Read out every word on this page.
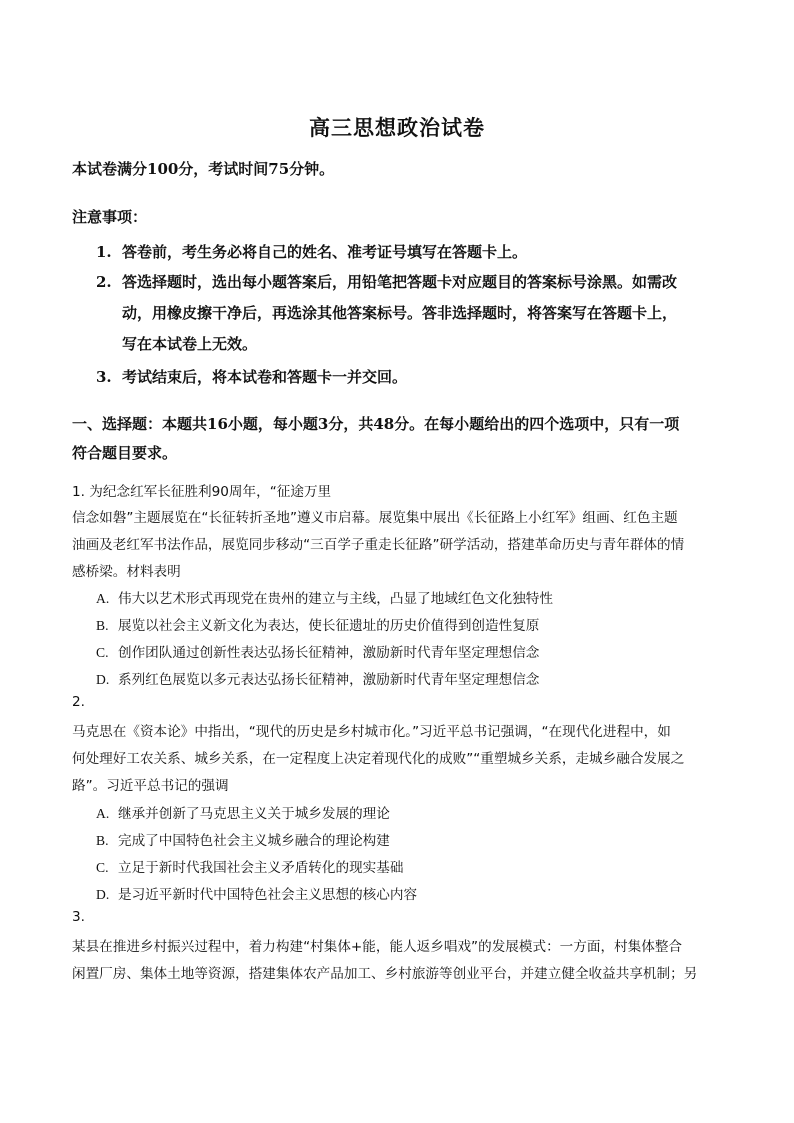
高三思想政治试卷
本试卷满分100分，考试时间75分钟。
注意事项：
1. 答卷前，考生务必将自己的姓名、准考证号填写在答题卡上。
2. 答选择题时，选出每小题答案后，用铅笔把答题卡对应题目的答案标号涂黑。如需改
动，用橡皮擦干净后，再选涂其他答案标号。答非选择题时，将答案写在答题卡上，
写在本试卷上无效。
3. 考试结束后，将本试卷和答题卡一并交回。
一、选择题：本题共16小题，每小题3分，共48分。在每小题给出的四个选项中，只有一项
符合题目要求。
1. 为纪念红军长征胜利90周年，“征途万里
信念如磐”主题展览在“长征转折圣地”遵义市启幕。展览集中展出《长征路上小红军》组画、红色主题
油画及老红军书法作品，展览同步移动“三百学子重走长征路”研学活动，搭建革命历史与青年群体的情
感桥梁。材料表明
A. 伟大以艺术形式再现党在贵州的建立与主线，凸显了地域红色文化独特性
B. 展览以社会主义新文化为表达，使长征遗址的历史价值得到创造性复原
C. 创作团队通过创新性表达弘扬长征精神，激励新时代青年坚定理想信念
D. 系列红色展览以多元表达弘扬长征精神，激励新时代青年坚定理想信念
2.
马克思在《资本论》中指出，“现代的历史是乡村城市化。”习近平总书记强调，“在现代化进程中，如
何处理好工农关系、城乡关系，在一定程度上决定着现代化的成败”“重塑城乡关系，走城乡融合发展之
路”。习近平总书记的强调
A. 继承并创新了马克思主义关于城乡发展的理论
B. 完成了中国特色社会主义城乡融合的理论构建
C. 立足于新时代我国社会主义矛盾转化的现实基础
D. 是习近平新时代中国特色社会主义思想的核心内容
3.
某县在推进乡村振兴过程中，着力构建“村集体+能，能人返乡唱戏”的发展模式：一方面，村集体整合
闲置厂房、集体土地等资源，搭建集体农产品加工、乡村旅游等创业平台，并建立健全收益共享机制；另
